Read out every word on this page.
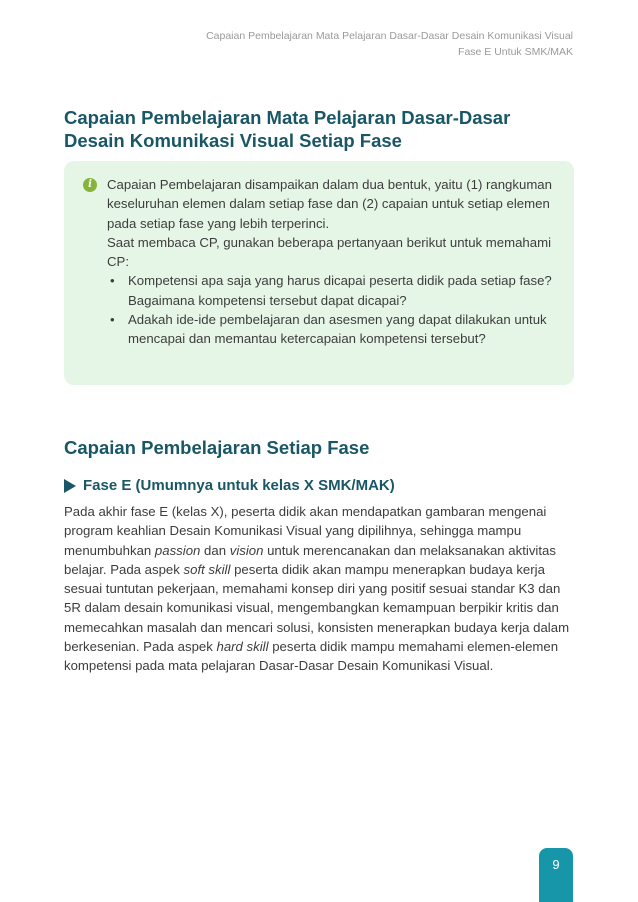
Capaian Pembelajaran Mata Pelajaran Dasar-Dasar Desain Komunikasi Visual
Fase E Untuk SMK/MAK
Capaian Pembelajaran Mata Pelajaran Dasar-Dasar Desain Komunikasi Visual Setiap Fase
i	Capaian Pembelajaran disampaikan dalam dua bentuk, yaitu (1) rangkuman keseluruhan elemen dalam setiap fase dan (2) capaian untuk setiap elemen pada setiap fase yang lebih terperinci.

Saat membaca CP, gunakan beberapa pertanyaan berikut untuk memahami CP:

• Kompetensi apa saja yang harus dicapai peserta didik pada setiap fase?
Bagaimana kompetensi tersebut dapat dicapai?
• Adakah ide-ide pembelajaran dan asesmen yang dapat dilakukan untuk mencapai dan memantau ketercapaian kompetensi tersebut?
Capaian Pembelajaran Setiap Fase
Fase E (Umumnya untuk kelas X SMK/MAK)

Pada akhir fase E (kelas X), peserta didik akan mendapatkan gambaran mengenai program keahlian Desain Komunikasi Visual yang dipilihnya, sehingga mampu menumbuhkan passion dan vision untuk merencanakan dan melaksanakan aktivitas belajar. Pada aspek soft skill peserta didik akan mampu menerapkan budaya kerja sesuai tuntutan pekerjaan, memahami konsep diri yang positif sesuai standar K3 dan 5R dalam desain komunikasi visual, mengembangkan kemampuan berpikir kritis dan memecahkan masalah dan mencari solusi, konsisten menerapkan budaya kerja dalam berkesenian. Pada aspek hard skill peserta didik mampu memahami elemen-elemen kompetensi pada mata pelajaran Dasar-Dasar Desain Komunikasi Visual.

9
